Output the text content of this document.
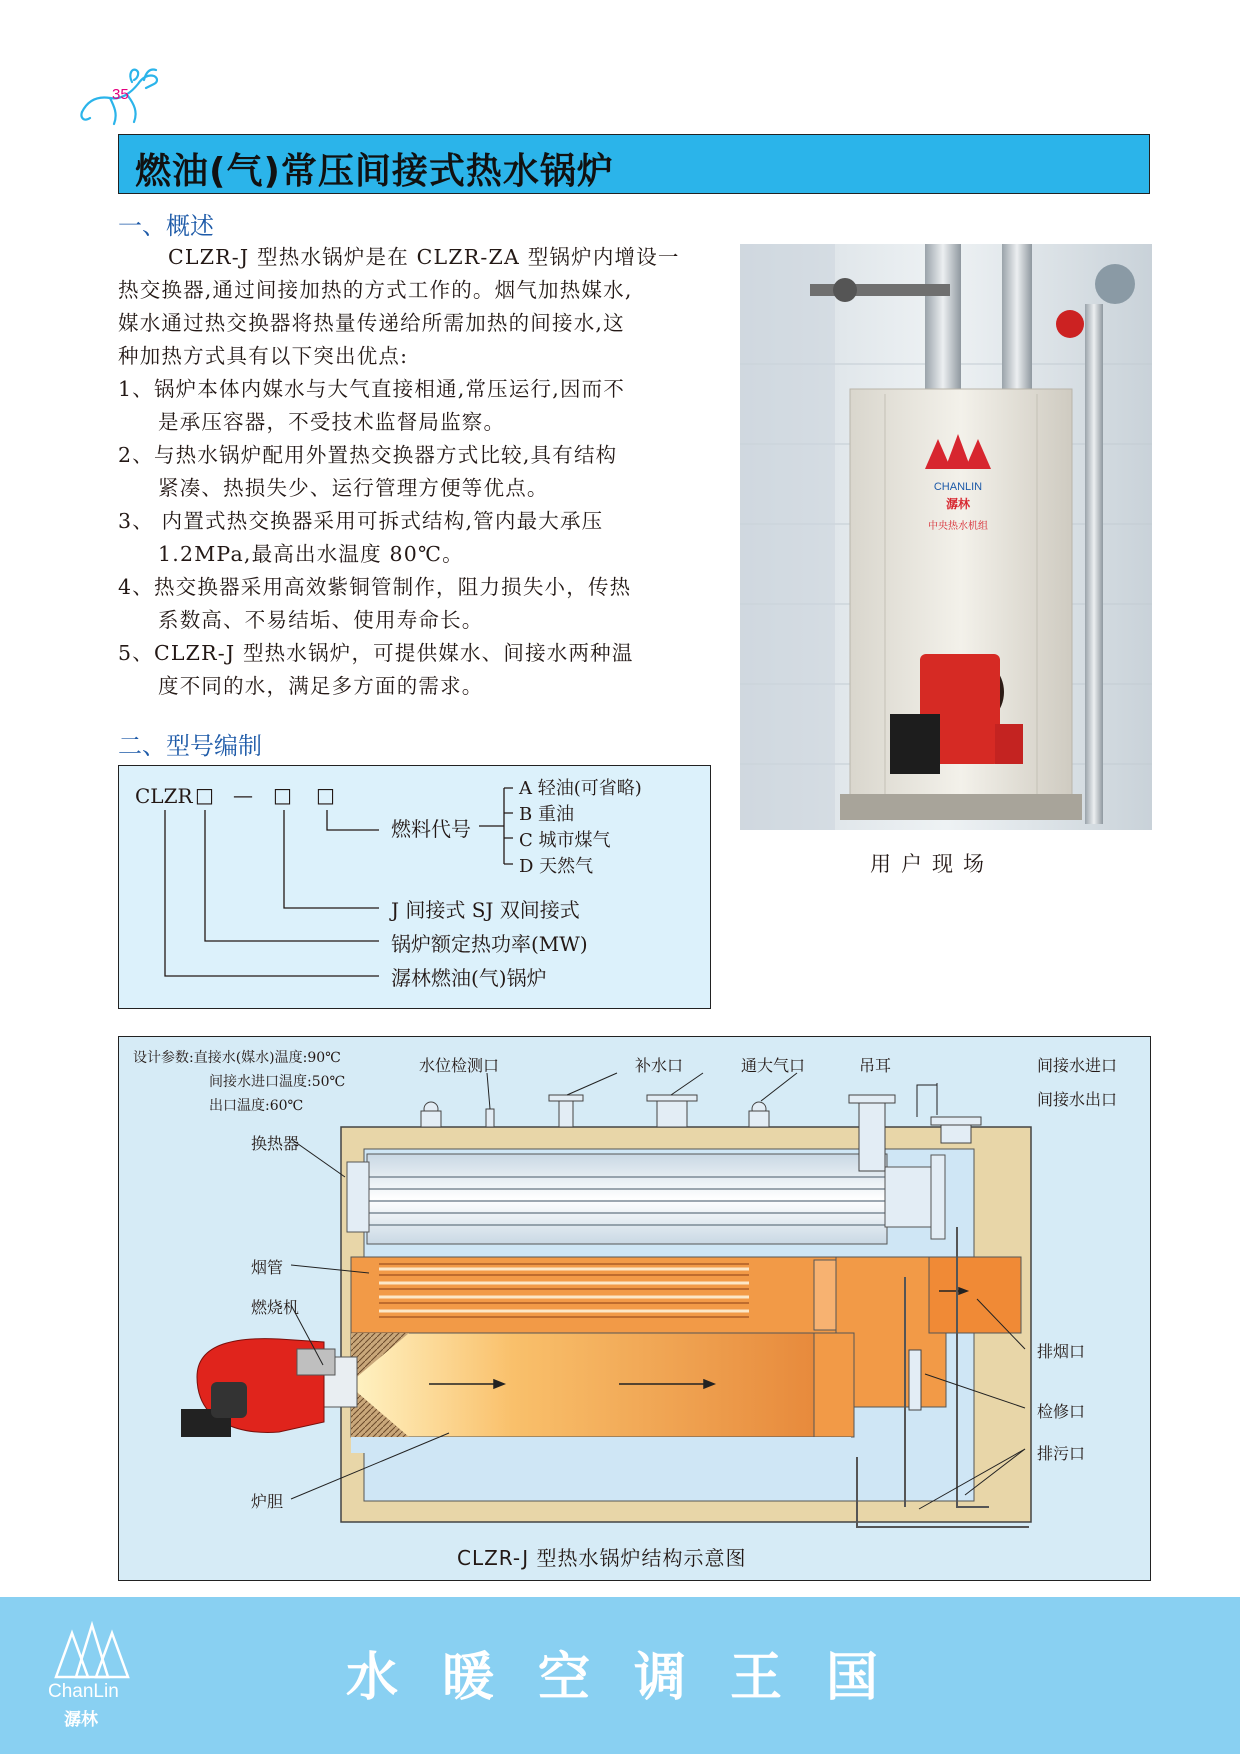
35
燃油(气)常压间接式热水锅炉
一、概述
CLZR-J 型热水锅炉是在 CLZR-ZA 型锅炉内增设一
热交换器,通过间接加热的方式工作的。烟气加热媒水,
媒水通过热交换器将热量传递给所需加热的间接水,这
种加热方式具有以下突出优点:
1、锅炉本体内媒水与大气直接相通,常压运行,因而不
是承压容器，不受技术监督局监察。
2、与热水锅炉配用外置热交换器方式比较,具有结构
紧凑、热损失少、运行管理方便等优点。
3、 内置式热交换器采用可拆式结构,管内最大承压
1.2MPa,最高出水温度 80℃。
4、热交换器采用高效紫铜管制作，阻力损失小，传热
系数高、不易结垢、使用寿命长。
5、CLZR-J 型热水锅炉，可提供媒水、间接水两种温
度不同的水，满足多方面的需求。
CHANLIN
潺林
中央热水机组
用户现场
二、型号编制
CLZR □ — □ □
燃料代号
A 轻油(可省略)
B 重油
C 城市煤气
D 天然气
J 间接式 SJ 双间接式
锅炉额定热功率(MW)
潺林燃油(气)锅炉
设计参数:直接水(媒水)温度:90℃
间接水进口温度:50℃
出口温度:60℃
水位检测口	补水口	通大气口	吊耳	间接水进口
间接水出口
换热器
烟管
燃烧机
炉胆
排烟口
检修口
排污口
CLZR-J 型热水锅炉结构示意图
ChanLin
潺林
水暖空调王国
